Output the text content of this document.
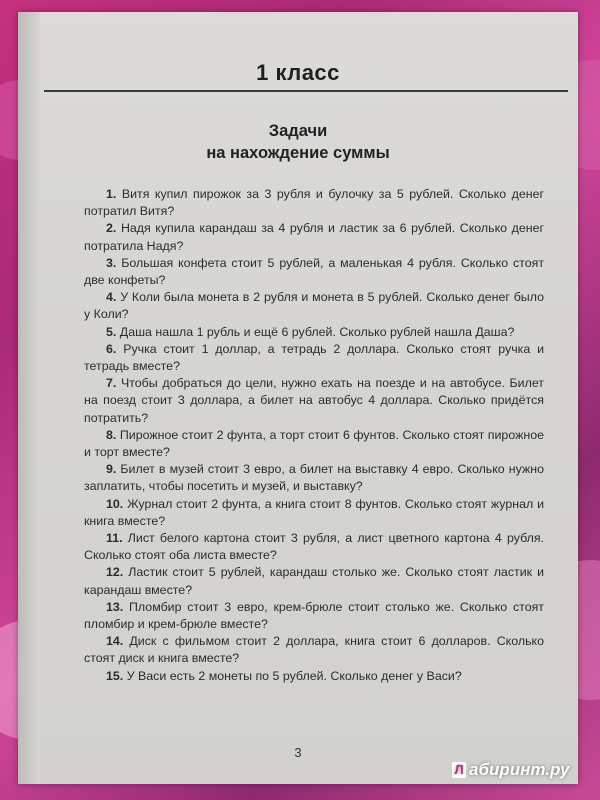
1 класс
Задачи
на нахождение суммы

1. Витя купил пирожок за 3 рубля и булочку за 5 рублей. Сколько денег потратил Витя?

2. Надя купила карандаш за 4 рубля и ластик за 6 рублей. Сколько денег потратила Надя?

3. Большая конфета стоит 5 рублей, а маленькая 4 рубля. Сколько стоят две конфеты?

4. У Коли была монета в 2 рубля и монета в 5 рублей. Сколько денег было у Коли?

5. Даша нашла 1 рубль и ещё 6 рублей. Сколько рублей нашла Даша?

6. Ручка стоит 1 доллар, а тетрадь 2 доллара. Сколько стоят ручка и тетрадь вместе?

7. Чтобы добраться до цели, нужно ехать на поезде и на автобусе. Билет на поезд стоит 3 доллара, а билет на автобус 4 доллара. Сколько придётся потратить?

8. Пирожное стоит 2 фунта, а торт стоит 6 фунтов. Сколько стоят пирожное и торт вместе?

9. Билет в музей стоит 3 евро, а билет на выставку 4 евро. Сколько нужно заплатить, чтобы посетить и музей, и выставку?

10. Журнал стоит 2 фунта, а книга стоит 8 фунтов. Сколько стоят журнал и книга вместе?

11. Лист белого картона стоит 3 рубля, а лист цветного картона 4 рубля. Сколько стоят оба листа вместе?

12. Ластик стоит 5 рублей, карандаш столько же. Сколько стоят ластик и карандаш вместе?

13. Пломбир стоит 3 евро, крем-брюле стоит столько же. Сколько стоят пломбир и крем-брюле вместе?

14. Диск с фильмом стоит 2 доллара, книга стоит 6 долларов. Сколько стоят диск и книга вместе?

15. У Васи есть 2 монеты по 5 рублей. Сколько денег у Васи?

3
Л абиринт.ру
